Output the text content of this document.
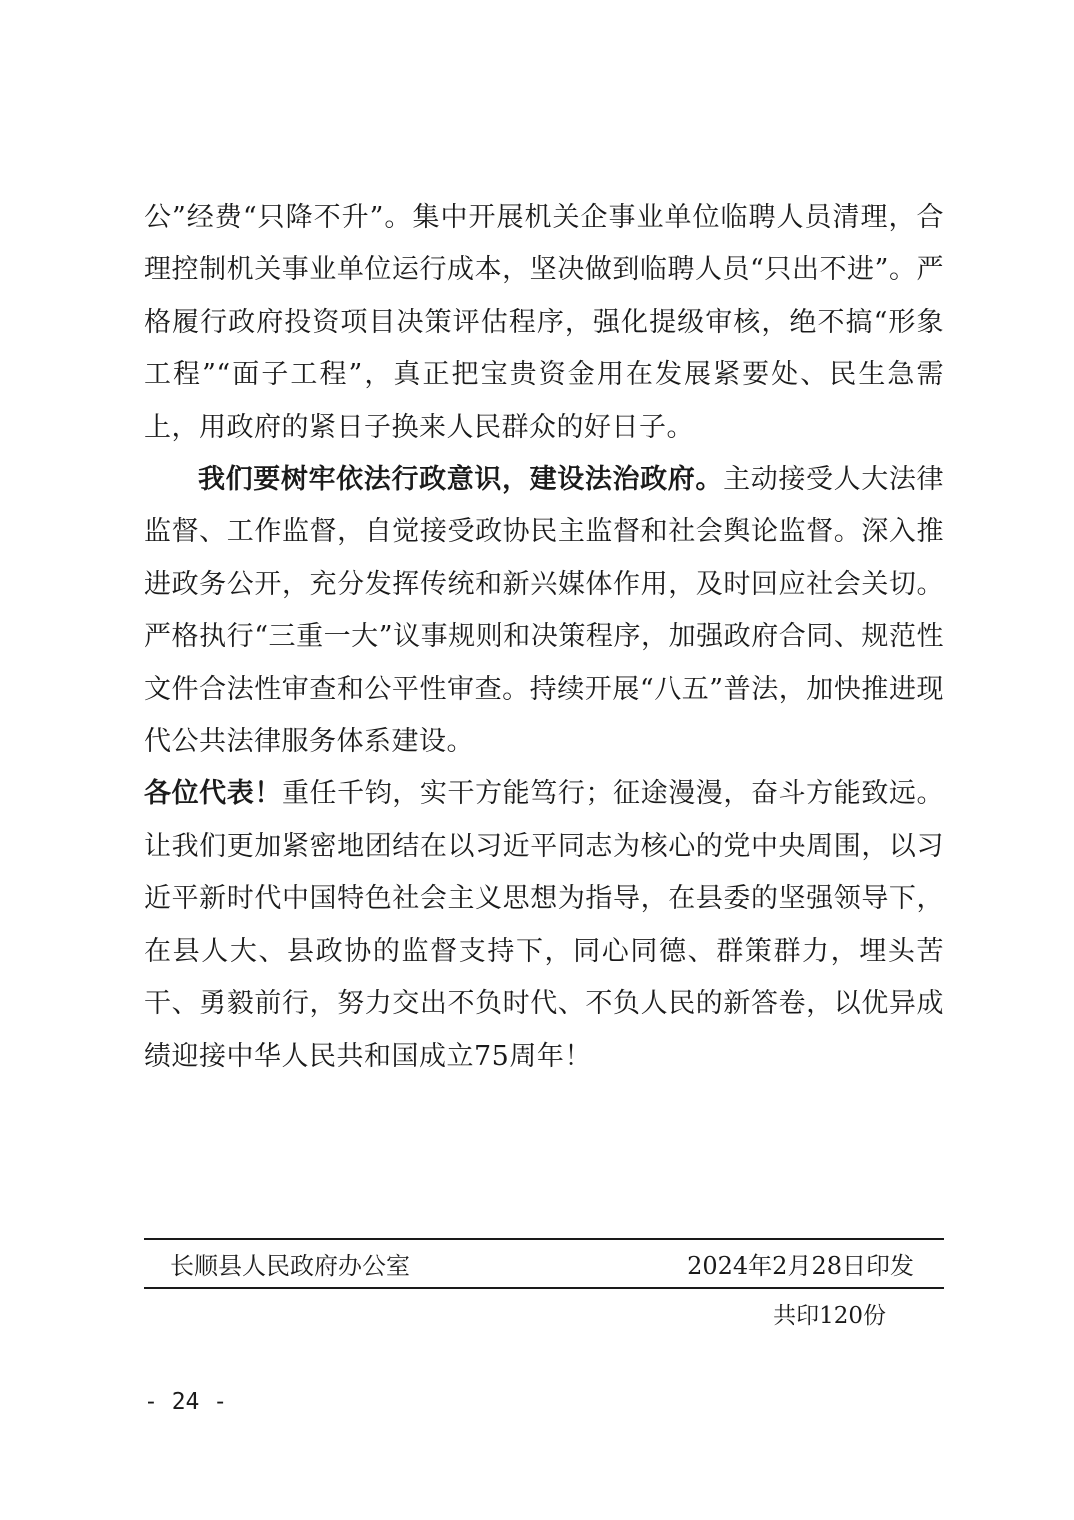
公”经费“只降不升”。集中开展机关企事业单位临聘人员清理，合理控制机关事业单位运行成本，坚决做到临聘人员“只出不进”。严格履行政府投资项目决策评估程序，强化提级审核，绝不搞“形象工程”“面子工程”，真正把宝贵资金用在发展紧要处、民生急需上，用政府的紧日子换来人民群众的好日子。

我们要树牢依法行政意识，建设法治政府。主动接受人大法律监督、工作监督，自觉接受政协民主监督和社会舆论监督。深入推进政务公开，充分发挥传统和新兴媒体作用，及时回应社会关切。严格执行“三重一大”议事规则和决策程序，加强政府合同、规范性文件合法性审查和公平性审查。持续开展“八五”普法，加快推进现代公共法律服务体系建设。

各位代表！重任千钧，实干方能笃行；征途漫漫，奋斗方能致远。让我们更加紧密地团结在以习近平同志为核心的党中央周围，以习近平新时代中国特色社会主义思想为指导，在县委的坚强领导下，在县人大、县政协的监督支持下，同心同德、群策群力，埋头苦干、勇毅前行，努力交出不负时代、不负人民的新答卷，以优异成绩迎接中华人民共和国成立75周年！

长顺县人民政府办公室	2024年2月28日印发
共印120份
- 24 -
